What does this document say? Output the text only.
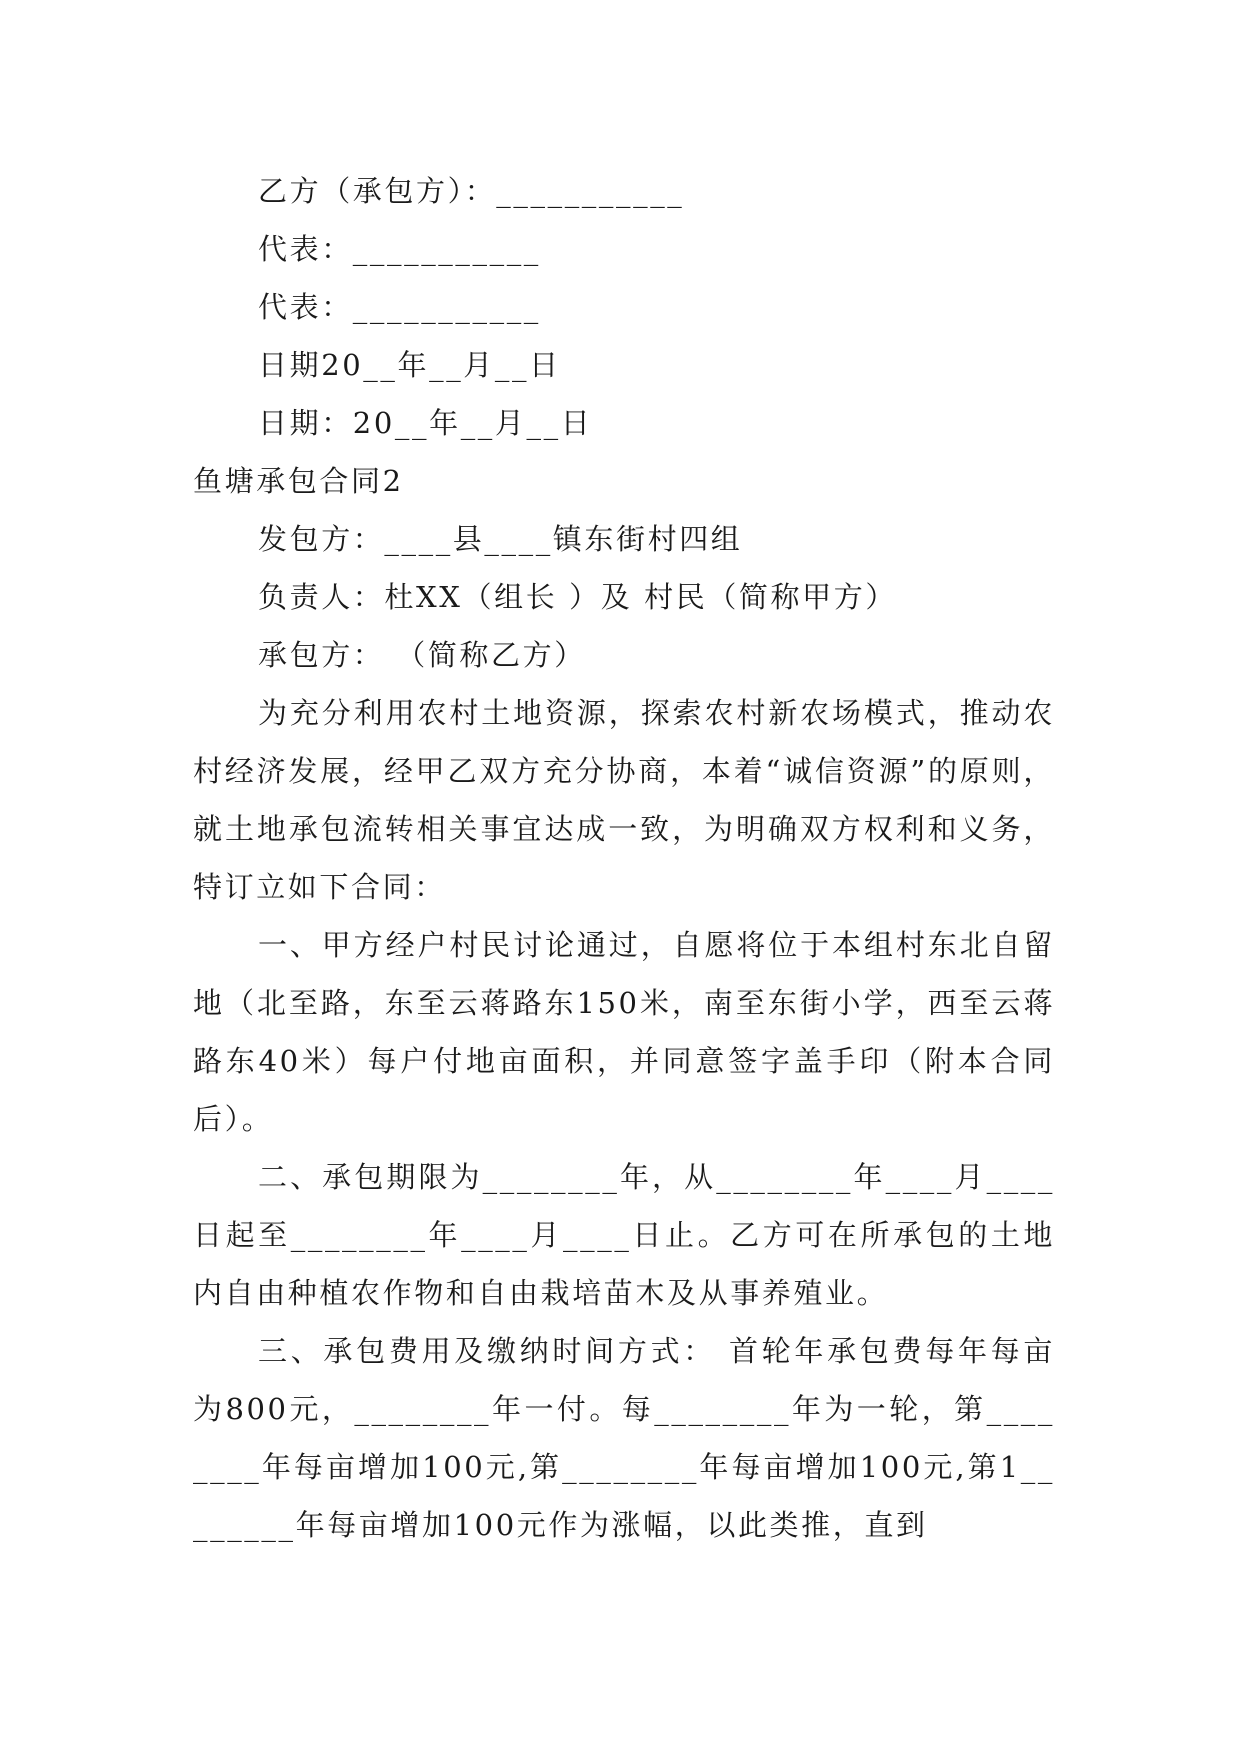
乙方（承包方）：___________
代表：___________
代表：___________
日期20__年__月__日
日期：20__年__月__日
鱼塘承包合同2
发包方：____县____镇东街村四组
负责人：杜XX（组长 ）及 村民（简称甲方）
承包方： （简称乙方）

为充分利用农村土地资源，探索农村新农场模式，推动农村经济发展，经甲乙双方充分协商，本着“诚信资源”的原则，就土地承包流转相关事宜达成一致，为明确双方权利和义务，特订立如下合同：

一、甲方经户村民讨论通过，自愿将位于本组村东北自留地（北至路，东至云蒋路东150米，南至东街小学，西至云蒋路东40米）每户付地亩面积，并同意签字盖手印（附本合同后）。

二、承包期限为________年，从________年____月____日起至________年____月____日止。乙方可在所承包的土地内自由种植农作物和自由栽培苗木及从事养殖业。

三、承包费用及缴纳时间方式： 首轮年承包费每年每亩为800元，________年一付。每________年为一轮，第________年每亩增加100元,第________年每亩增加100元,第1________年每亩增加100元作为涨幅，以此类推，直到
